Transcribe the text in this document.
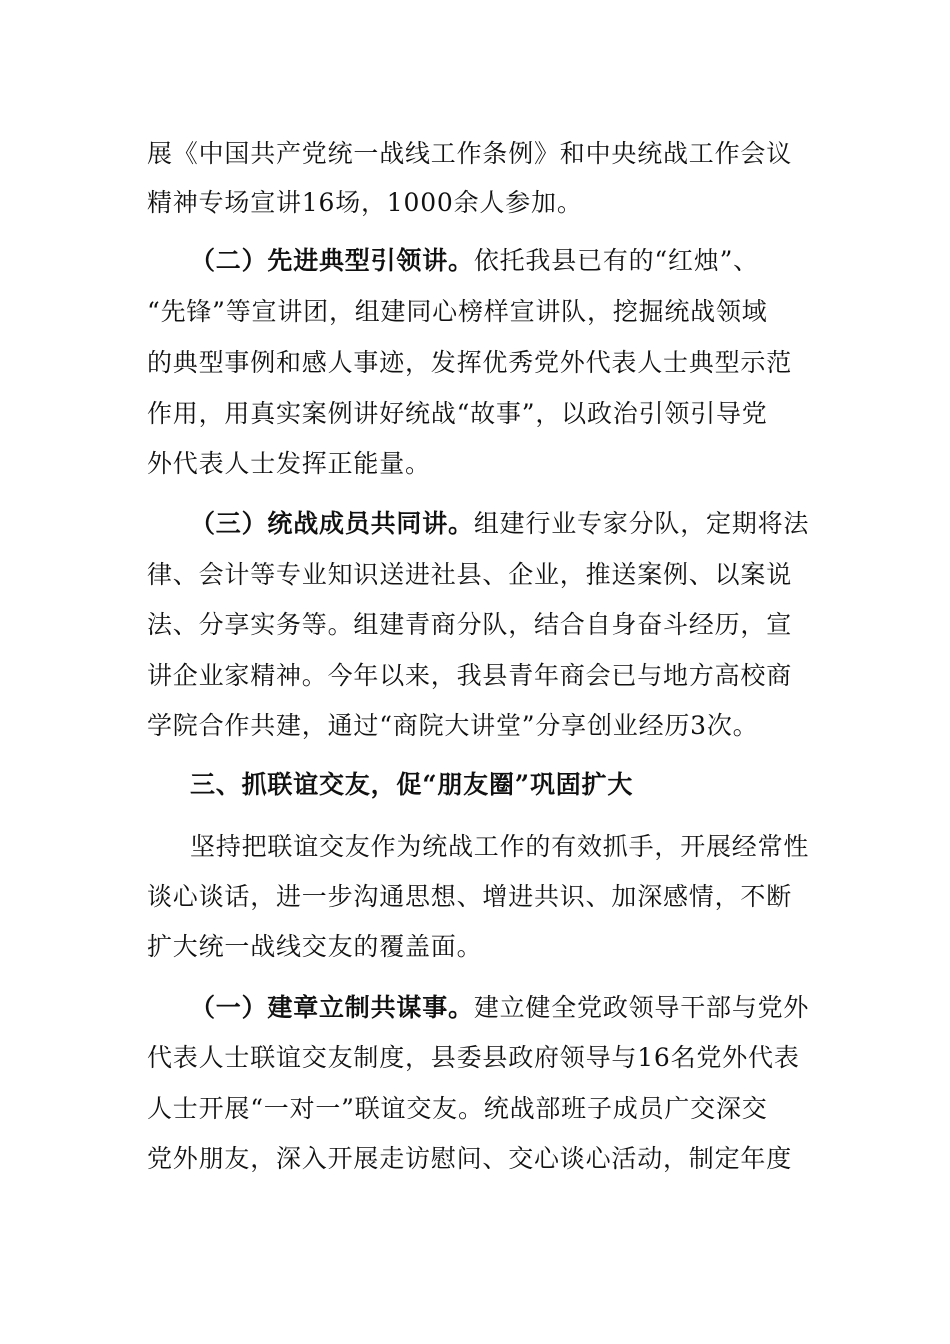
展《中国共产党统一战线工作条例》和中央统战工作会议
精神专场宣讲16场，1000余人参加。
（二）先进典型引领讲。依托我县已有的“红烛”、
“先锋”等宣讲团，组建同心榜样宣讲队，挖掘统战领域
的典型事例和感人事迹，发挥优秀党外代表人士典型示范
作用，用真实案例讲好统战“故事”，以政治引领引导党
外代表人士发挥正能量。
（三）统战成员共同讲。组建行业专家分队，定期将法
律、会计等专业知识送进社县、企业，推送案例、以案说
法、分享实务等。组建青商分队，结合自身奋斗经历，宣
讲企业家精神。今年以来，我县青年商会已与地方高校商
学院合作共建，通过“商院大讲堂”分享创业经历3次。
三、抓联谊交友，促“朋友圈”巩固扩大
坚持把联谊交友作为统战工作的有效抓手，开展经常性
谈心谈话，进一步沟通思想、增进共识、加深感情，不断
扩大统一战线交友的覆盖面。
（一）建章立制共谋事。建立健全党政领导干部与党外
代表人士联谊交友制度，县委县政府领导与16名党外代表
人士开展“一对一”联谊交友。统战部班子成员广交深交
党外朋友，深入开展走访慰问、交心谈心活动，制定年度
